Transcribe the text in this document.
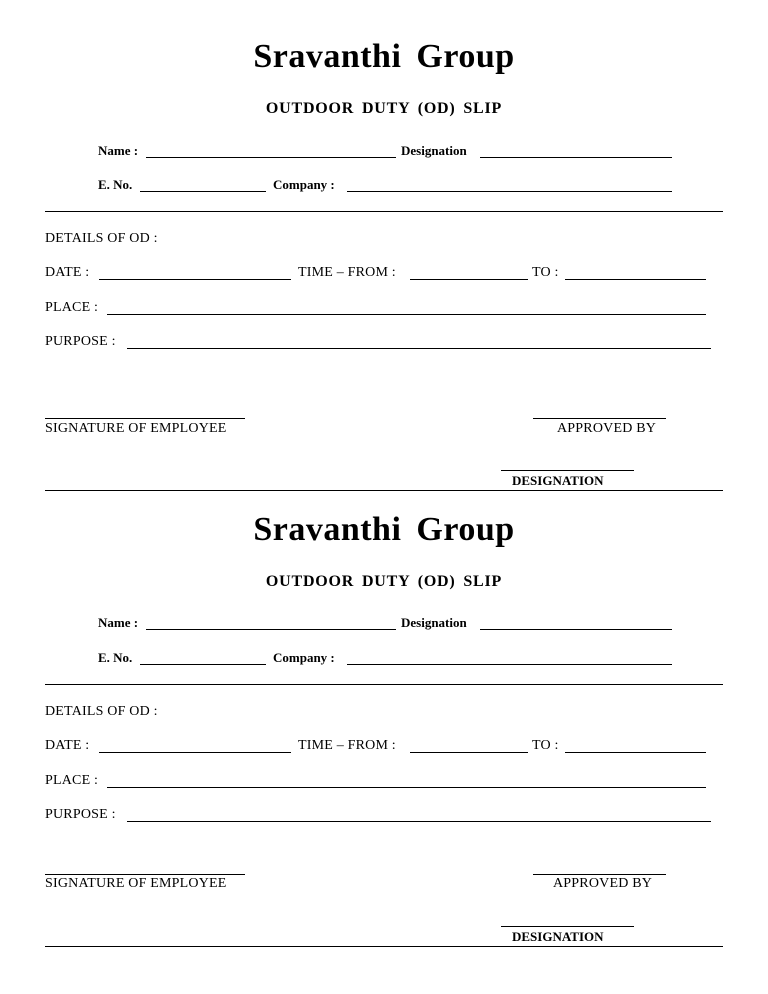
Sravanthi Group
OUTDOOR DUTY (OD) SLIP
Name :	Designation
E. No.	Company :
DETAILS OF OD :
DATE :	TIME – FROM :	TO :
PLACE :
PURPOSE :
SIGNATURE OF EMPLOYEE	APPROVED BY
DESIGNATION
Sravanthi Group
OUTDOOR DUTY (OD) SLIP
Name :	Designation
E. No.	Company :
DETAILS OF OD :
DATE :	TIME – FROM :	TO :
PLACE :
PURPOSE :
SIGNATURE OF EMPLOYEE	APPROVED BY
DESIGNATION
